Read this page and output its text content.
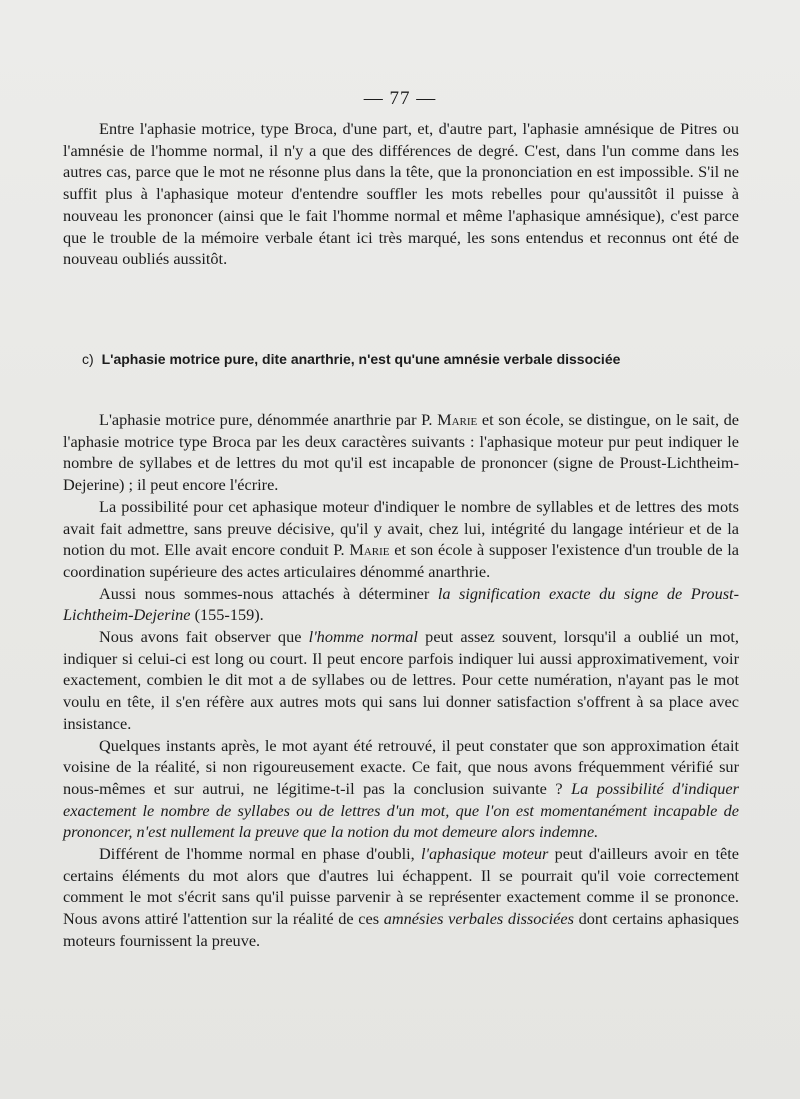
— 77 —

Entre l'aphasie motrice, type Broca, d'une part, et, d'autre part, l'aphasie amnésique de Pitres ou l'amnésie de l'homme normal, il n'y a que des différences de degré. C'est, dans l'un comme dans les autres cas, parce que le mot ne résonne plus dans la tête, que la prononciation en est impossible. S'il ne suffit plus à l'aphasique moteur d'entendre souffler les mots rebelles pour qu'aussitôt il puisse à nouveau les prononcer (ainsi que le fait l'homme normal et même l'aphasique amnésique), c'est parce que le trouble de la mémoire verbale étant ici très marqué, les sons entendus et reconnus ont été de nouveau oubliés aussitôt.

c) L'aphasie motrice pure, dite anarthrie, n'est qu'une amnésie verbale dissociée

L'aphasie motrice pure, dénommée anarthrie par P. Marie et son école, se distingue, on le sait, de l'aphasie motrice type Broca par les deux caractères suivants : l'aphasique moteur pur peut indiquer le nombre de syllabes et de lettres du mot qu'il est incapable de prononcer (signe de Proust-Lichtheim-Dejerine) ; il peut encore l'écrire.

La possibilité pour cet aphasique moteur d'indiquer le nombre de syllables et de lettres des mots avait fait admettre, sans preuve décisive, qu'il y avait, chez lui, intégrité du langage intérieur et de la notion du mot. Elle avait encore conduit P. Marie et son école à supposer l'existence d'un trouble de la coordination supérieure des actes articulaires dénommé anarthrie.

Aussi nous sommes-nous attachés à déterminer la signification exacte du signe de Proust-Lichtheim-Dejerine (155-159).

Nous avons fait observer que l'homme normal peut assez souvent, lorsqu'il a oublié un mot, indiquer si celui-ci est long ou court. Il peut encore parfois indiquer lui aussi approximativement, voir exactement, combien le dit mot a de syllabes ou de lettres. Pour cette numération, n'ayant pas le mot voulu en tête, il s'en réfère aux autres mots qui sans lui donner satisfaction s'offrent à sa place avec insistance.

Quelques instants après, le mot ayant été retrouvé, il peut constater que son approximation était voisine de la réalité, si non rigoureusement exacte. Ce fait, que nous avons fréquemment vérifié sur nous-mêmes et sur autrui, ne légitime-t-il pas la conclusion suivante ? La possibilité d'indiquer exactement le nombre de syllabes ou de lettres d'un mot, que l'on est momentanément incapable de prononcer, n'est nullement la preuve que la notion du mot demeure alors indemne.

Différent de l'homme normal en phase d'oubli, l'aphasique moteur peut d'ailleurs avoir en tête certains éléments du mot alors que d'autres lui échappent. Il se pourrait qu'il voie correctement comment le mot s'écrit sans qu'il puisse parvenir à se représenter exactement comme il se prononce. Nous avons attiré l'attention sur la réalité de ces amnésies verbales dissociées dont certains aphasiques moteurs fournissent la preuve.
